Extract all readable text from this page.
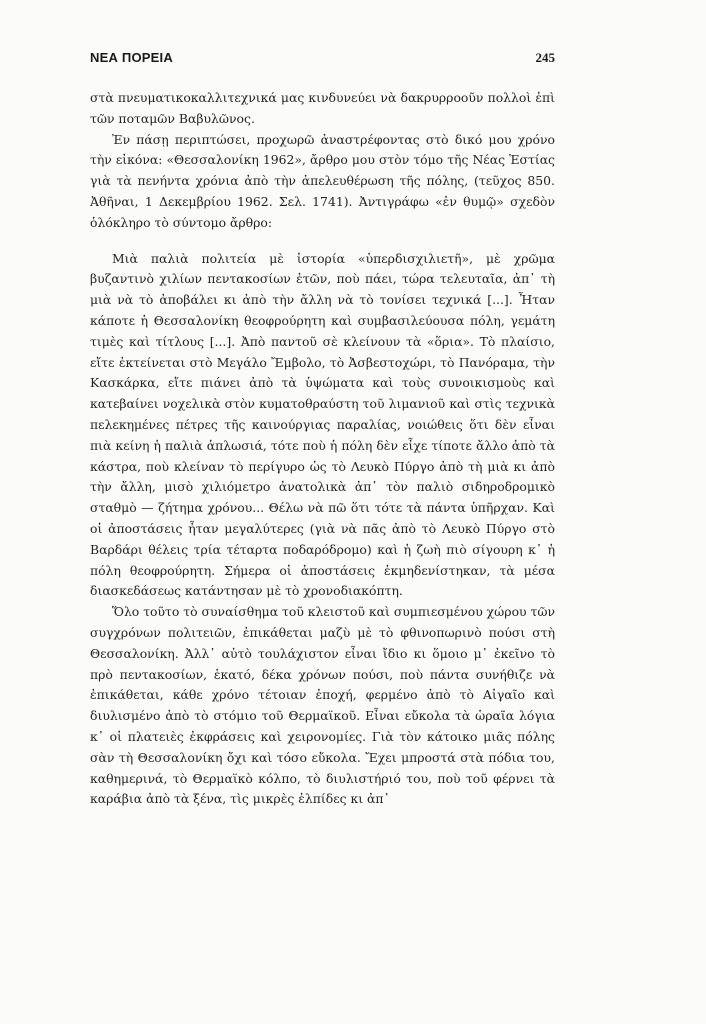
ΝΕΑ ΠΟΡΕΙΑ	245

στὰ πνευματικοκαλλιτεχνικά μας κινδυνεύει νὰ δακρυρροοῦν πολλοὶ ἐπὶ τῶν ποταμῶν Βαβυλῶνος.

Ἐν πάσῃ περιπτώσει, προχωρῶ ἀναστρέφοντας στὸ δικό μου χρόνο τὴν εἰκόνα: «Θεσσαλονίκη 1962», ἄρθρο μου στὸν τόμο τῆς Νέας Ἑστίας γιὰ τὰ πενήντα χρόνια ἀπὸ τὴν ἀπελευθέρωση τῆς πόλης, (τεῦχος 850. Ἀθῆναι, 1 Δεκεμβρίου 1962. Σελ. 1741). Ἀντιγράφω «ἐν θυμῷ» σχεδὸν ὁλόκληρο τὸ σύντομο ἄρθρο:

Μιὰ παλιὰ πολιτεία μὲ ἱστορία «ὑπερδισχιλιετῆ», μὲ χρῶμα βυζαντινὸ χιλίων πεντακοσίων ἐτῶν, ποὺ πάει, τώρα τελευταῖα, ἀπ᾽ τὴ μιὰ νὰ τὸ ἀποβάλει κι ἀπὸ τὴν ἄλλη νὰ τὸ τονίσει τεχνικά [...]. Ἦταν κάποτε ἡ Θεσσαλονίκη θεοφρούρητη καὶ συμβασιλεύουσα πόλη, γεμάτη τιμὲς καὶ τίτλους [...]. Ἀπὸ παντοῦ σὲ κλείνουν τὰ «ὅρια». Τὸ πλαίσιο, εἴτε ἐκτείνεται στὸ Μεγάλο Ἔμβολο, τὸ Ἀσβεστοχώρι, τὸ Πανόραμα, τὴν Κασκάρκα, εἴτε πιάνει ἀπὸ τὰ ὑψώματα καὶ τοὺς συνοικισμοὺς καὶ κατεβαίνει νοχελικὰ στὸν κυματοθραύστη τοῦ λιμανιοῦ καὶ στὶς τεχνικὰ πελεκημένες πέτρες τῆς καινούργιας παραλίας, νοιώθεις ὅτι δὲν εἶναι πιὰ κείνη ἡ παλιὰ ἁπλωσιά, τότε ποὺ ἡ πόλη δὲν εἶχε τίποτε ἄλλο ἀπὸ τὰ κάστρα, ποὺ κλείναν τὸ περίγυρο ὡς τὸ Λευκὸ Πύργο ἀπὸ τὴ μιὰ κι ἀπὸ τὴν ἄλλη, μισὸ χιλιόμετρο ἀνατολικὰ ἀπ᾽ τὸν παλιὸ σιδηροδρομικὸ σταθμὸ — ζήτημα χρόνου... Θέλω νὰ πῶ ὅτι τότε τὰ πάντα ὑπῆρχαν. Καὶ οἱ ἀποστάσεις ἦταν μεγαλύτερες (γιὰ νὰ πᾶς ἀπὸ τὸ Λευκὸ Πύργο στὸ Βαρδάρι θέλεις τρία τέταρτα ποδαρόδρομο) καὶ ἡ ζωὴ πιὸ σίγουρη κ᾽ ἡ πόλη θεοφρούρητη. Σήμερα οἱ ἀποστάσεις ἐκμηδενίστηκαν, τὰ μέσα διασκεδάσεως κατάντησαν μὲ τὸ χρονοδιακόπτη.

Ὅλο τοῦτο τὸ συναίσθημα τοῦ κλειστοῦ καὶ συμπιεσμένου χώρου τῶν συγχρόνων πολιτειῶν, ἐπικάθεται μαζὺ μὲ τὸ φθινοπωρινὸ πούσι στὴ Θεσσαλονίκη. Ἀλλ᾽ αὐτὸ τουλάχιστον εἶναι ἴδιο κι ὅμοιο μ᾽ ἐκεῖνο τὸ πρὸ πεντακοσίων, ἑκατό, δέκα χρόνων πούσι, ποὺ πάντα συνήθιζε νὰ ἐπικάθεται, κάθε χρόνο τέτοιαν ἐποχή, φερμένο ἀπὸ τὸ Αἰγαῖο καὶ διυλισμένο ἀπὸ τὸ στόμιο τοῦ Θερμαϊκοῦ. Εἶναι εὔκολα τὰ ὡραῖα λόγια κ᾽ οἱ πλατειὲς ἐκφράσεις καὶ χειρονομίες. Γιὰ τὸν κάτοικο μιᾶς πόλης σὰν τὴ Θεσσαλονίκη ὄχι καὶ τόσο εὔκολα. Ἔχει μπροστά στὰ πόδια του, καθημερινά, τὸ Θερμαϊκὸ κόλπο, τὸ διυλιστήριό του, ποὺ τοῦ φέρνει τὰ καράβια ἀπὸ τὰ ξένα, τὶς μικρὲς ἐλπίδες κι ἀπ᾽
